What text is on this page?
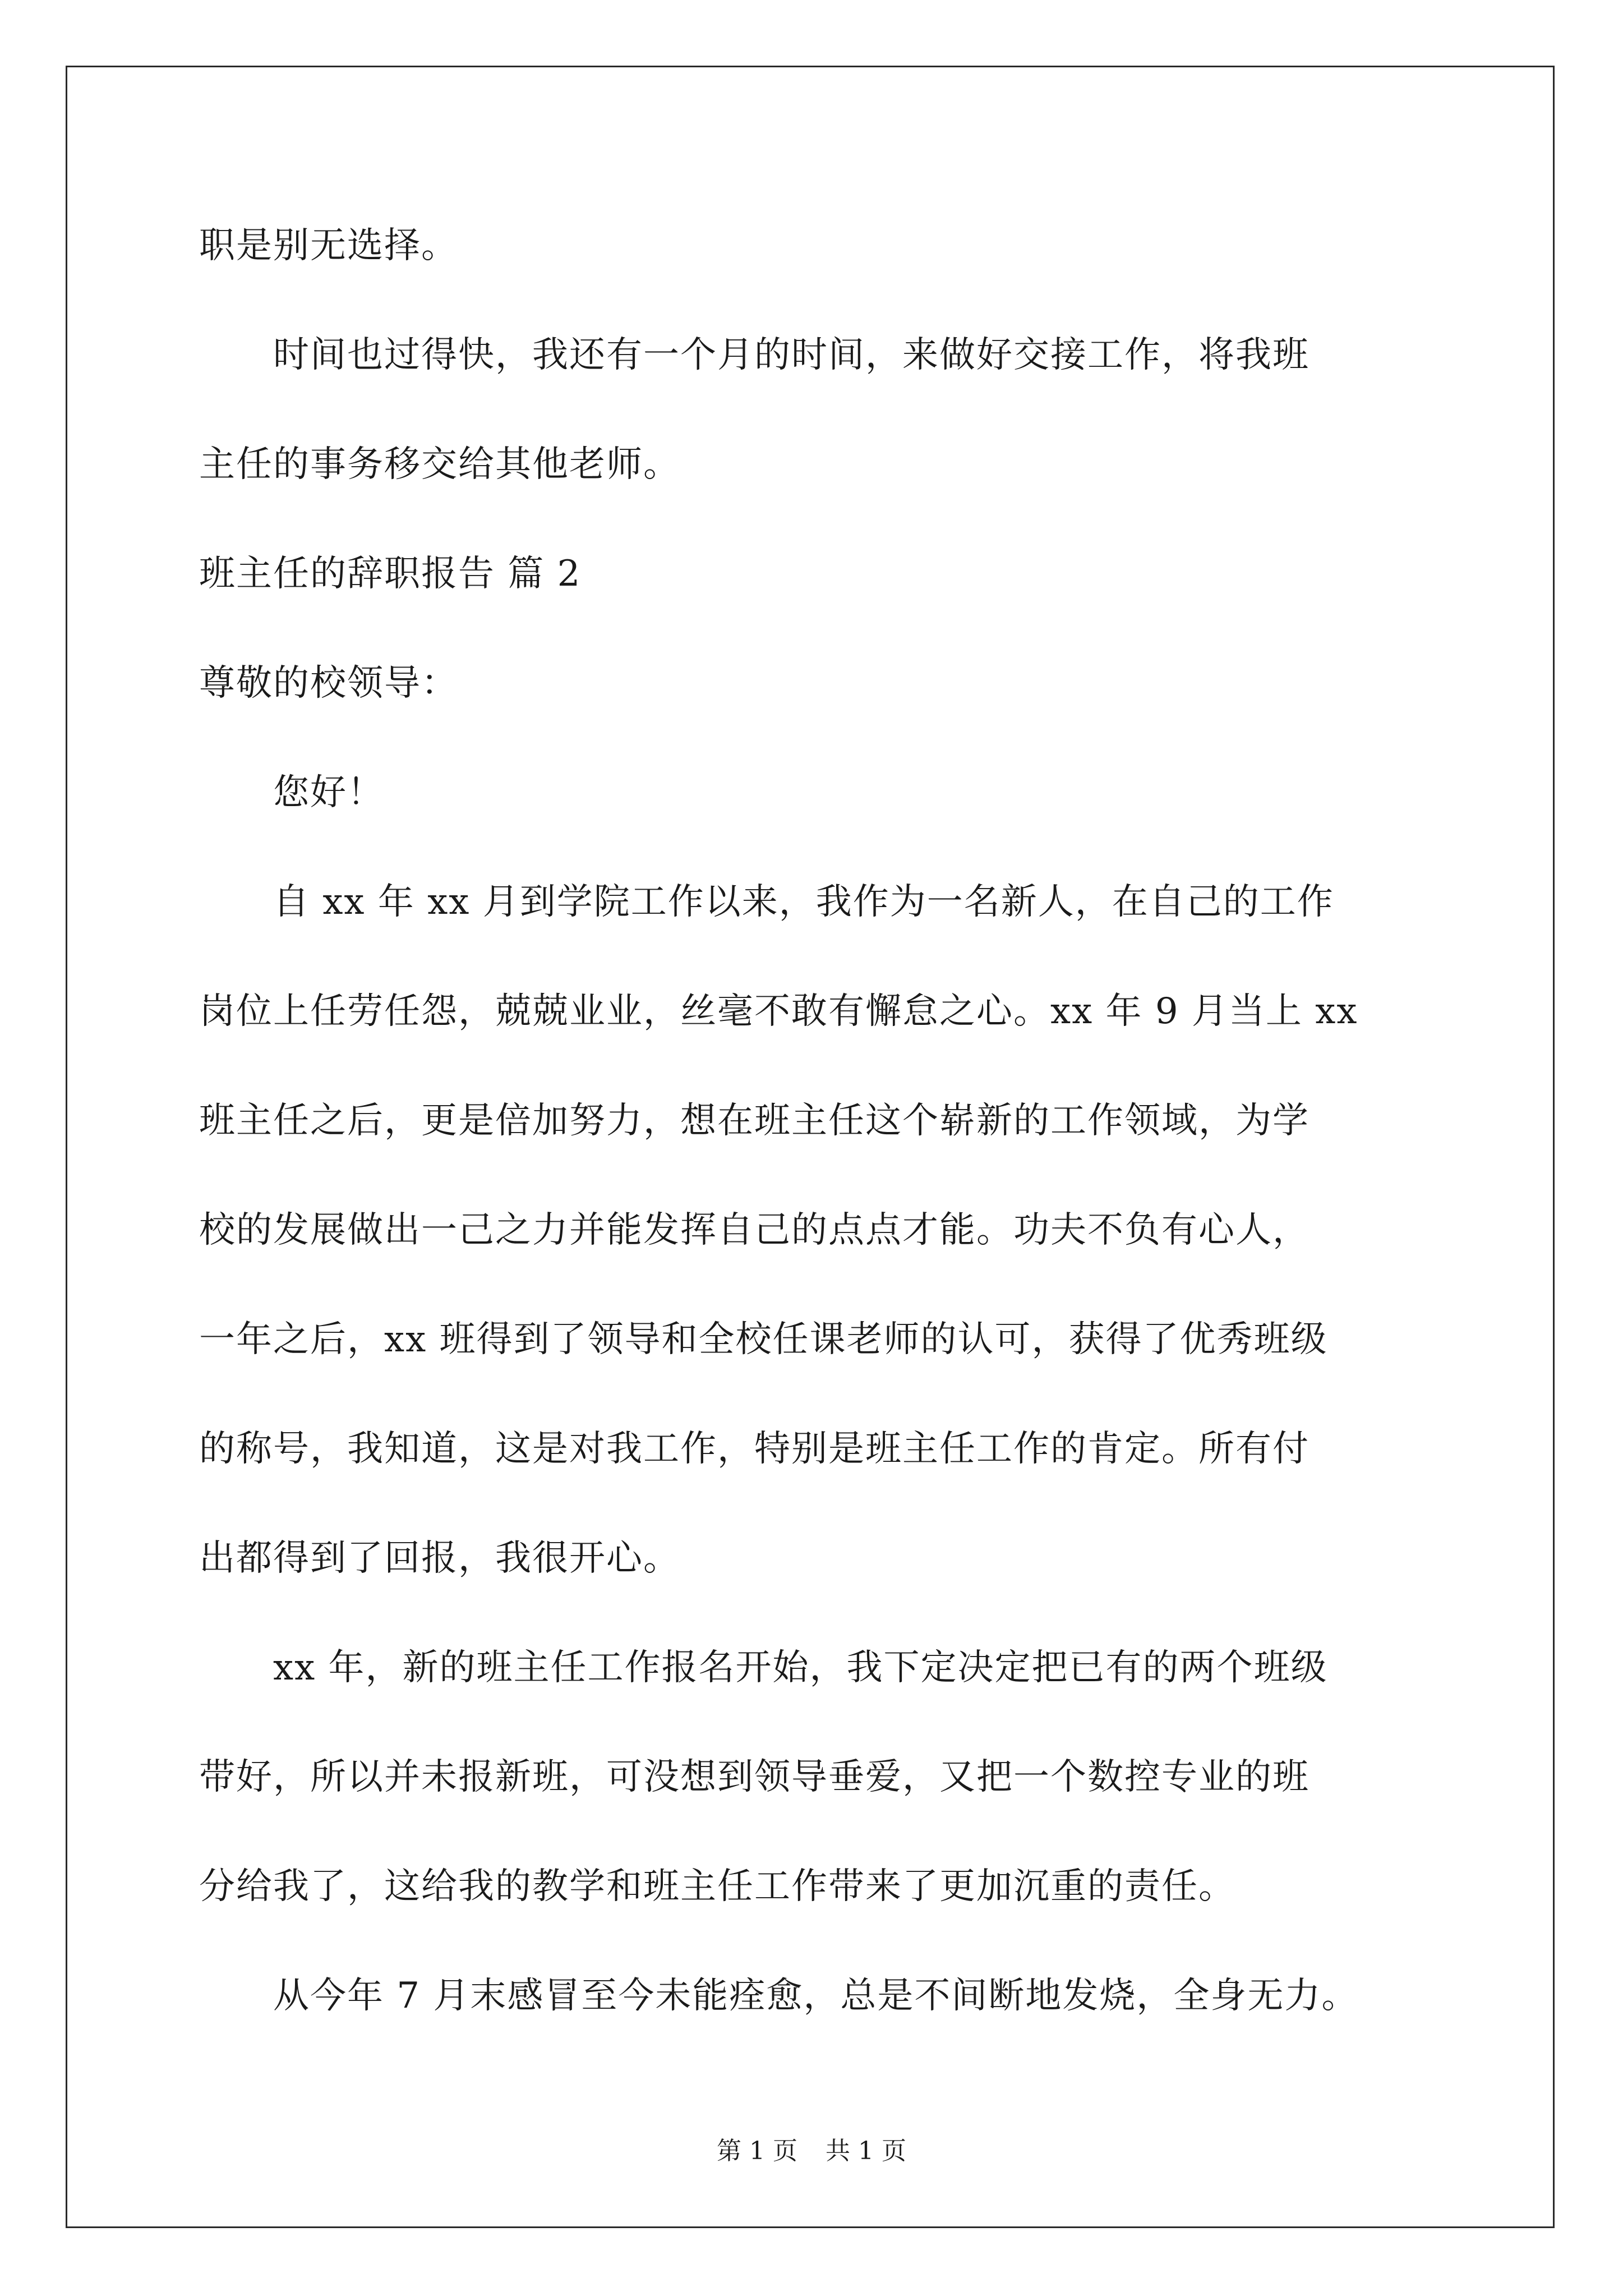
职是别无选择。
　　时间也过得快，我还有一个月的时间，来做好交接工作，将我班
主任的事务移交给其他老师。
班主任的辞职报告 篇 2
尊敬的校领导：
　　您好！
　　自 xx 年 xx 月到学院工作以来，我作为一名新人，在自己的工作
岗位上任劳任怨，兢兢业业，丝毫不敢有懈怠之心。xx 年 9 月当上 xx
班主任之后，更是倍加努力，想在班主任这个崭新的工作领域，为学
校的发展做出一己之力并能发挥自己的点点才能。功夫不负有心人，
一年之后，xx 班得到了领导和全校任课老师的认可，获得了优秀班级
的称号，我知道，这是对我工作，特别是班主任工作的肯定。所有付
出都得到了回报，我很开心。
　　xx 年，新的班主任工作报名开始，我下定决定把已有的两个班级
带好，所以并未报新班，可没想到领导垂爱，又把一个数控专业的班
分给我了，这给我的教学和班主任工作带来了更加沉重的责任。
　　从今年 7 月末感冒至今未能痊愈，总是不间断地发烧，全身无力。
第 1 页 共 1 页
